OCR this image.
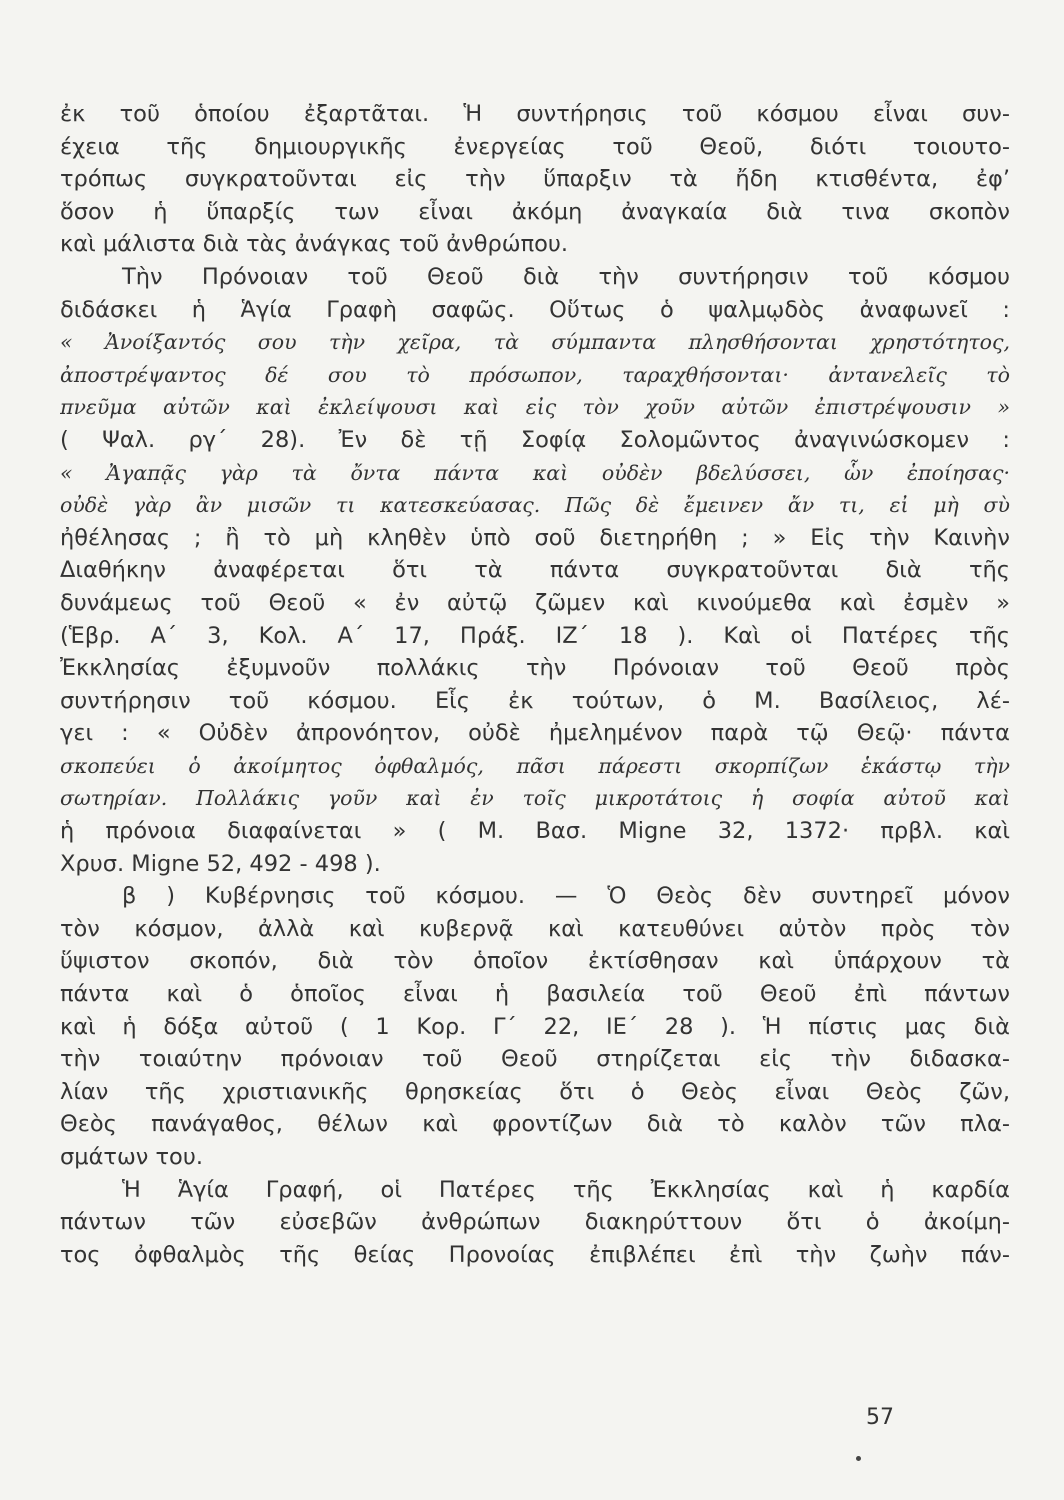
ἐκ τοῦ ὁποίου ἐξαρτᾶται. Ἡ συντήρησις τοῦ κόσμου εἶναι συν-
έχεια τῆς δημιουργικῆς ἐνεργείας τοῦ Θεοῦ, διότι τοιουτο-
τρόπως συγκρατοῦνται εἰς τὴν ὕπαρξιν τὰ ἤδη κτισθέντα, ἐφ’
ὅσον ἡ ὕπαρξίς των εἶναι ἀκόμη ἀναγκαία διὰ τινα σκοπὸν
καὶ μάλιστα διὰ τὰς ἀνάγκας τοῦ ἀνθρώπου.
Τὴν Πρόνοιαν τοῦ Θεοῦ διὰ τὴν συντήρησιν τοῦ κόσμου
διδάσκει ἡ Ἁγία Γραφὴ σαφῶς. Οὕτως ὁ ψαλμῳδὸς ἀναφωνεῖ :
« Ἀνοίξαντός σου τὴν χεῖρα, τὰ σύμπαντα πλησθήσονται χρηστότητος,
ἀποστρέψαντος δέ σου τὸ πρόσωπον, ταραχθήσονται· ἀντανελεῖς τὸ
πνεῦμα αὐτῶν καὶ ἐκλείψουσι καὶ εἰς τὸν χοῦν αὐτῶν ἐπιστρέψουσιν »
( Ψαλ. ργ΄ 28). Ἐν δὲ τῇ Σοφίᾳ Σολομῶντος ἀναγινώσκομεν :
« Ἀγαπᾷς γὰρ τὰ ὄντα πάντα καὶ οὐδὲν βδελύσσει, ὧν ἐποίησας·
οὐδὲ γὰρ ἂν μισῶν τι κατεσκεύασας. Πῶς δὲ ἔμεινεν ἄν τι, εἰ μὴ σὺ
ἠθέλησας ; ἢ τὸ μὴ κληθὲν ὑπὸ σοῦ διετηρήθη ; » Εἰς τὴν Καινὴν
Διαθήκην ἀναφέρεται ὅτι τὰ πάντα συγκρατοῦνται διὰ τῆς
δυνάμεως τοῦ Θεοῦ « ἐν αὐτῷ ζῶμεν καὶ κινούμεθα καὶ ἐσμὲν »
(Ἑβρ. Α΄ 3, Κολ. Α΄ 17, Πράξ. ΙΖ΄ 18 ). Καὶ οἱ Πατέρες τῆς
Ἐκκλησίας ἐξυμνοῦν πολλάκις τὴν Πρόνοιαν τοῦ Θεοῦ πρὸς
συντήρησιν τοῦ κόσμου. Εἷς ἐκ τούτων, ὁ Μ. Βασίλειος, λέ-
γει : « Οὐδὲν ἀπρονόητον, οὐδὲ ἠμελημένον παρὰ τῷ Θεῷ· πάντα
σκοπεύει ὁ ἀκοίμητος ὀφθαλμός, πᾶσι πάρεστι σκορπίζων ἑκάστῳ τὴν
σωτηρίαν. Πολλάκις γοῦν καὶ ἐν τοῖς μικροτάτοις ἡ σοφία αὐτοῦ καὶ
ἡ πρόνοια διαφαίνεται » ( Μ. Βασ. Migne 32, 1372· πρβλ. καὶ
Χρυσ. Migne 52, 492 - 498 ).
β ) Κυβέρνησις τοῦ κόσμου. — Ὁ Θεὸς δὲν συντηρεῖ μόνον
τὸν κόσμον, ἀλλὰ καὶ κυβερνᾷ καὶ κατευθύνει αὐτὸν πρὸς τὸν
ὕψιστον σκοπόν, διὰ τὸν ὁποῖον ἐκτίσθησαν καὶ ὑπάρχουν τὰ
πάντα καὶ ὁ ὁποῖος εἶναι ἡ βασιλεία τοῦ Θεοῦ ἐπὶ πάντων
καὶ ἡ δόξα αὐτοῦ ( 1 Κορ. Γ΄ 22, ΙΕ΄ 28 ). Ἡ πίστις μας διὰ
τὴν τοιαύτην πρόνοιαν τοῦ Θεοῦ στηρίζεται εἰς τὴν διδασκα-
λίαν τῆς χριστιανικῆς θρησκείας ὅτι ὁ Θεὸς εἶναι Θεὸς ζῶν,
Θεὸς πανάγαθος, θέλων καὶ φροντίζων διὰ τὸ καλὸν τῶν πλα-
σμάτων του.
Ἡ Ἁγία Γραφή, οἱ Πατέρες τῆς Ἐκκλησίας καὶ ἡ καρδία
πάντων τῶν εὐσεβῶν ἀνθρώπων διακηρύττουν ὅτι ὁ ἀκοίμη-
τος ὀφθαλμὸς τῆς θείας Προνοίας ἐπιβλέπει ἐπὶ τὴν ζωὴν πάν-
57
